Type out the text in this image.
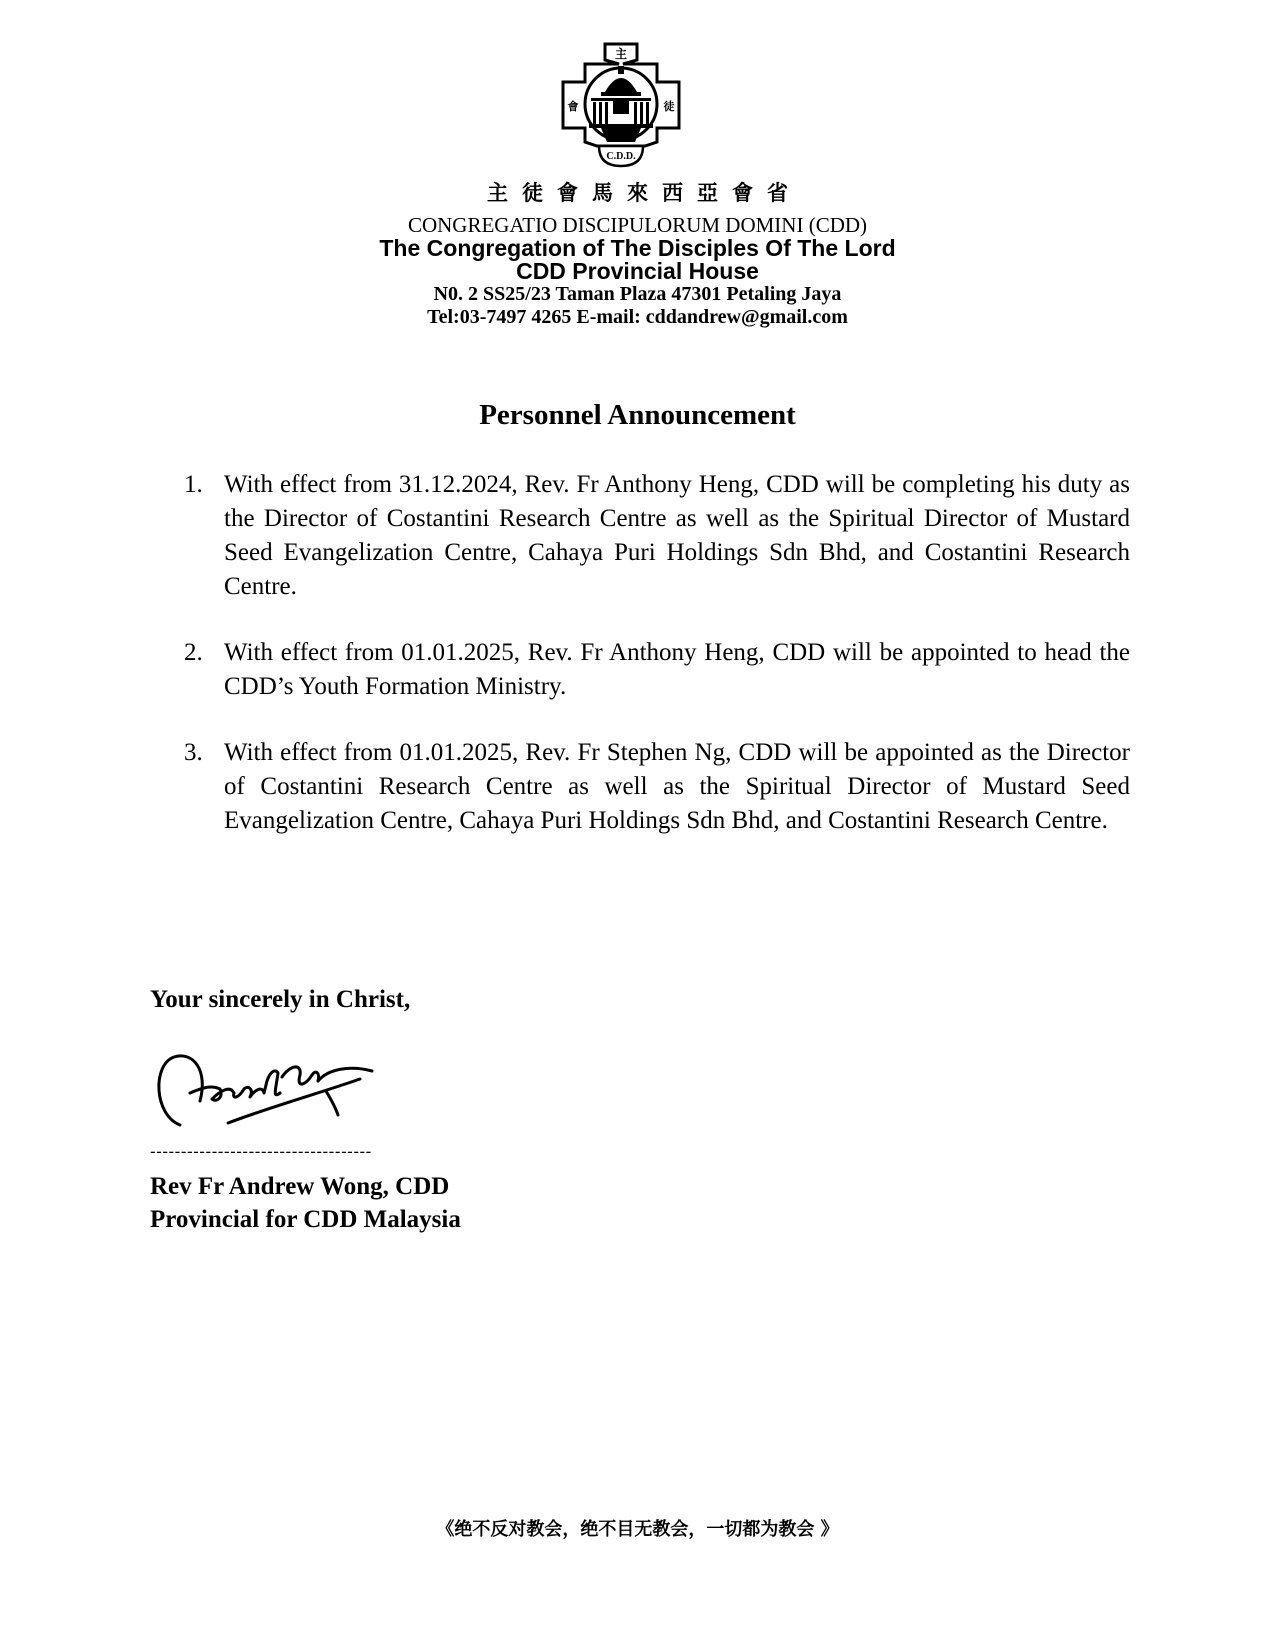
主
會	徒
C.D.D.
主徒會馬來西亞會省
CONGREGATIO DISCIPULORUM DOMINI (CDD)
The Congregation of The Disciples Of The Lord
CDD Provincial House
N0. 2 SS25/23 Taman Plaza 47301 Petaling Jaya
Tel:03-7497 4265 E-mail: cddandrew@gmail.com
Personnel Announcement
1. With effect from 31.12.2024, Rev. Fr Anthony Heng, CDD will be completing his duty as the Director of Costantini Research Centre as well as the Spiritual Director of Mustard Seed Evangelization Centre, Cahaya Puri Holdings Sdn Bhd, and Costantini Research Centre.
2. With effect from 01.01.2025, Rev. Fr Anthony Heng, CDD will be appointed to head the CDD’s Youth Formation Ministry.
3. With effect from 01.01.2025, Rev. Fr Stephen Ng, CDD will be appointed as the Director of Costantini Research Centre as well as the Spiritual Director of Mustard Seed Evangelization Centre, Cahaya Puri Holdings Sdn Bhd, and Costantini Research Centre.
Your sincerely in Christ,
------------------------------------
Rev Fr Andrew Wong, CDD
Provincial for CDD Malaysia
《绝不反对教会，绝不目无教会，一切都为教会 》
